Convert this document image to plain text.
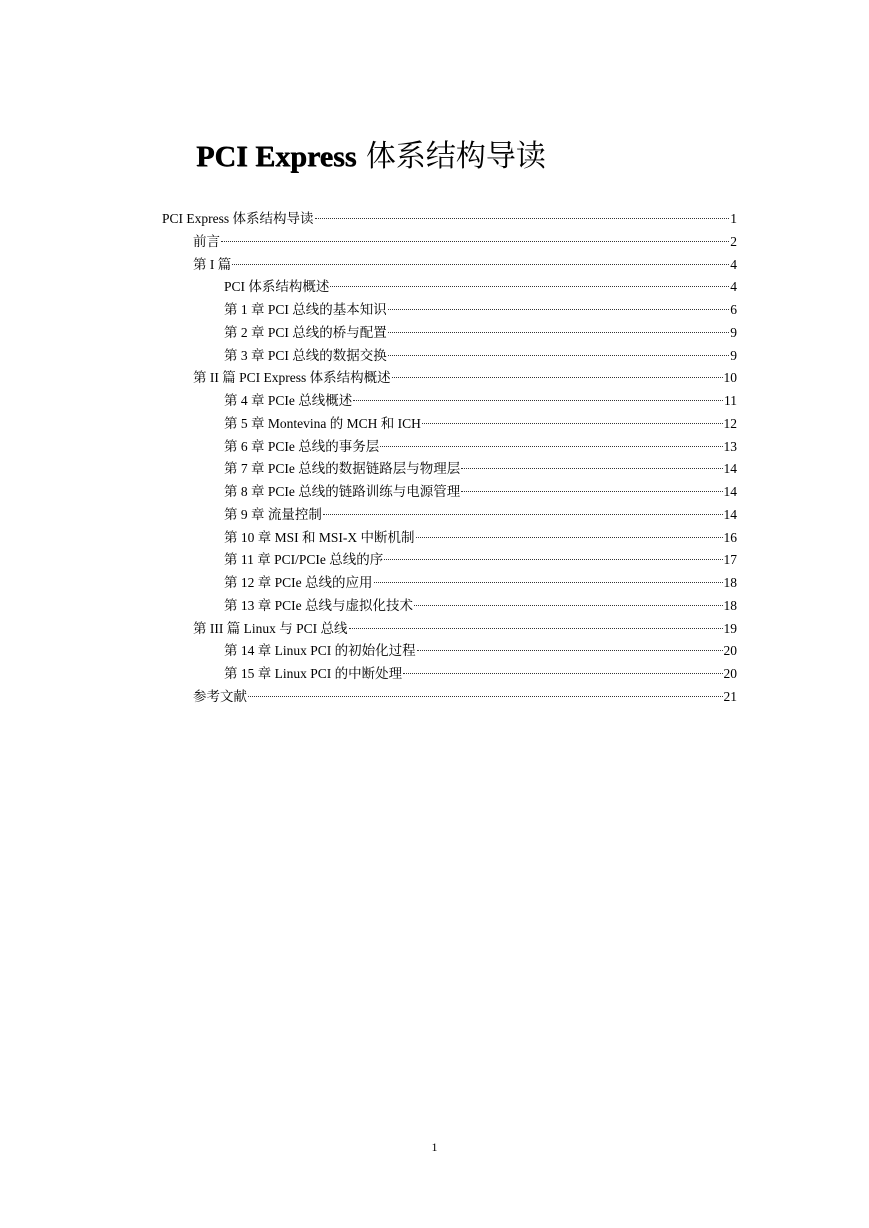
PCI Express 体系结构导读
PCI Express 体系结构导读	1
前言	2
第 I 篇	4
PCI 体系结构概述	4
第 1 章 PCI 总线的基本知识	6
第 2 章 PCI 总线的桥与配置	9
第 3 章 PCI 总线的数据交换	9
第 II 篇 PCI Express 体系结构概述	10
第 4 章 PCIe 总线概述	11
第 5 章 Montevina 的 MCH 和 ICH	12
第 6 章 PCIe 总线的事务层	13
第 7 章 PCIe 总线的数据链路层与物理层	14
第 8 章 PCIe 总线的链路训练与电源管理	14
第 9 章 流量控制	14
第 10 章 MSI 和 MSI-X 中断机制	16
第 11 章 PCI/PCIe 总线的序	17
第 12 章 PCIe 总线的应用	18
第 13 章 PCIe 总线与虚拟化技术	18
第 III 篇 Linux 与 PCI 总线	19
第 14 章 Linux PCI 的初始化过程	20
第 15 章 Linux PCI 的中断处理	20
参考文献	21
1
